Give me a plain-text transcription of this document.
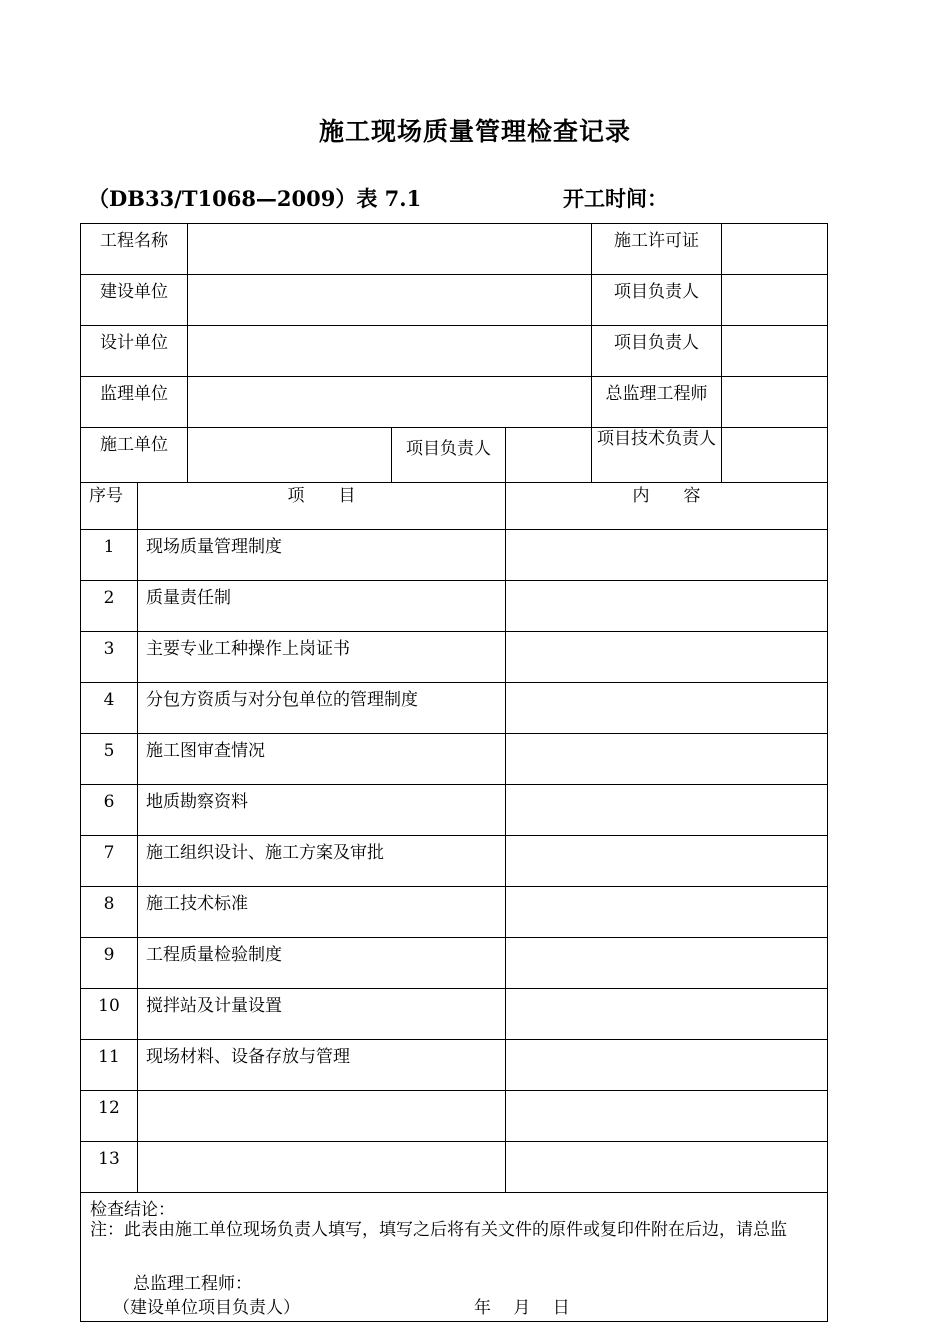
施工现场质量管理检查记录
（DB33/T1068—2009）表 7.1	开工时间：
工程名称					施工许可证	
建设单位					项目负责人	
设计单位					项目负责人	
监理单位					总监理工程师	
施工单位			项目负责人		项目技术负责人	
序号	项　　目			内　　容		
1	现场质量管理制度					
2	质量责任制					
3	主要专业工种操作上岗证书					
4	分包方资质与对分包单位的管理制度					
5	施工图审查情况					
6	地质勘察资料					
7	施工组织设计、施工方案及审批					
8	施工技术标准					
9	工程质量检验制度					
10	搅拌站及计量设置					
11	现场材料、设备存放与管理					
12						
13						

检查结论：
总监理工程师：
（建设单位项目负责人） 年　 月　 日						
注：此表由施工单位现场负责人填写，填写之后将有关文件的原件或复印件附在后边，请总监
